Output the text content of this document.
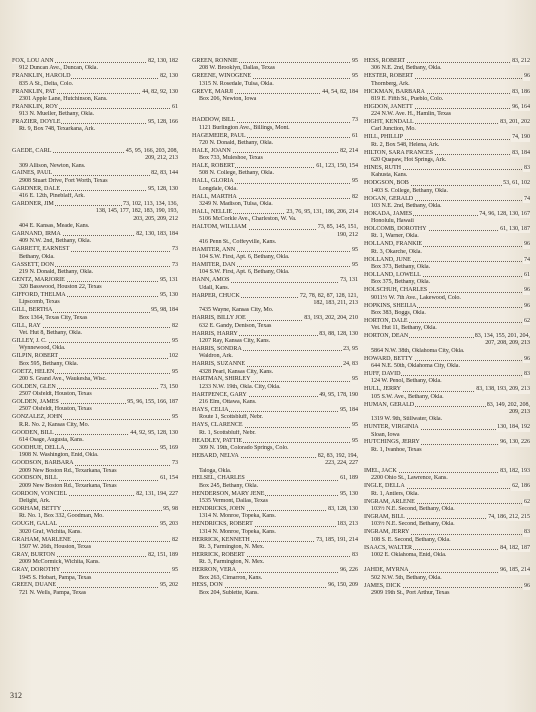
FOX, LOU ANN	82, 130, 182
912 Duncan Ave., Duncan, Okla.
FRANKLIN, HAROLD	82, 130
835 A St., Delta, Colo.
FRANKLIN, PAT	44, 82, 92, 130
2301 Apple Lane, Hutchinson, Kans.
FRANKLIN, ROY	61
913 N. Mueller, Bethany, Okla.
FRAZIER, DOYLE	95, 128, 166
Rt. 9, Box 748, Texarkana, Ark.
GAEDE, CARL	45, 95, 166, 203, 208,
209, 212, 213
309 Allison, Newton, Kans.
GAINES, PAUL	82, 83, 144
2908 Stuart Drive, Fort Worth, Texas
GARDNER, DALE	95, 128, 130
416 E. 12th, Pineblaff, Ark.
GARDNER, JIM	73, 102, 113, 134, 136,
138, 145, 177, 182, 183, 190, 193,
203, 205, 209, 212
404 E. Kansas, Meade, Kans.
GARNAND, IRMA	82, 130, 183, 184
409 N.W. 2nd, Bethany, Okla.
GARRETT, EARNEST	73
Bethany, Okla.
GASSETT, DON	73
219 N. Donald, Bethany, Okla.
GENTZ, MARJORIE	95, 131
320 Basswood, Houston 22, Texas
GIFFORD, THELMA	95, 130
Lipscomb, Texas
GILL, BERTHA	95, 98, 184
Box 1364, Texas City, Texas
GILL, RAY	82
Vet. Hut 8, Bethany, Okla.
GILLEY, J. C.	95
Wynnewood, Okla.
GILPIN, ROBERT	102
Box 595, Bethany, Okla.
GOETZ, HELEN	95
200 S. Grand Ave., Waukesha, Wisc.
GOLDEN, GLEN	73, 150
2507 Olsfeldt, Houston, Texas
GOLDEN, JAMES	95, 96, 155, 166, 187
2507 Olsfeldt, Houston, Texas
GONZALEZ, JOHN	95
R.R. No. 2, Kansas City, Mo.
GOODEN, BILL	44, 92, 95, 128, 130
614 Osage, Augusta, Kans.
GOODHUE, DELLA	95, 169
1908 N. Washington, Enid, Okla.
GOODSON, BARBARA	73
2009 New Boston Rd., Texarkana, Texas
GOODSON, BILL	61, 154
2009 New Boston Rd., Texarkana, Texas
GORDON, VONCIEL	82, 131, 194, 227
Delight, Ark.
GORHAM, BETTY	95, 98
Rt. No. 1, Box 332, Goodman, Mo.
GOUGH, GALAL	95, 203
3020 Graf, Wichita, Kans.
GRAHAM, MARLENE	82
1507 W. 26th, Houston, Texas
GRAY, BURTON	82, 151, 189
2009 McCormick, Wichita, Kans.
GRAY, DOROTHY	95
1945 S. Hobart, Pampa, Texas
GREEN, DUANE	95, 202
721 N. Wells, Pampa, Texas
GREEN, RONNIE	95
208 W. Brooklyn, Dallas, Texas
GREENE, WINOGENE	95
1315 N. Rosedale, Tulsa, Okla.
GREVE, MARJI	44, 54, 82, 184
Box 206, Newton, Iowa
HADDOW, BILL	73
1121 Burlington Ave., Billings, Mont.
HAGEMEIER, PAUL	61
720 N. Donald, Bethany, Okla.
HALE, JOANN	82, 214
Box 733, Muleshoe, Texas
HALE, ROBERT	61, 123, 150, 154
508 N. College, Bethany, Okla.
HALL, GLORIA	95
Longdale, Okla.
HALL, MARTHA	82
3249 N. Madison, Tulsa, Okla.
HALL, NELLIE	23, 76, 95, 131, 186, 206, 214
5106 McCorkle Ave., Charleston, W. Va.
HALTOM, WILLIAM	73, 85, 145, 151,
190, 212
416 Penn St., Coffeyville, Kans.
HAMITER, ANN	95
104 S.W. First, Apt. 6, Bethany, Okla.
HAMITER, DAN	95
104 S.W. First, Apt. 6, Bethany, Okla.
HANN, AMOS	73, 131
Udall, Kans.
HARPER, CHUCK	72, 78, 82, 87, 128, 121,
182, 183, 211, 213
7435 Wayne, Kansas City, Mo.
HARRIS, BILLY JOE	83, 193, 202, 204, 210
632 E. Gandy, Denison, Texas
HARRIS, HARRY	83, 88, 128, 130
1207 Ray, Kansas City, Kans.
HARRIS, SONDRA	23, 95
Waldron, Ark.
HARRIS, SUZANNE	24, 83
4328 Pearl, Kansas City, Kans.
HARTMAN, SHIRLEY	95
1233 N.W. 19th, Okla. City, Okla.
HARTPENCE, GARY	49, 95, 178, 190
216 Elm, Ottawa, Kans.
HAYS, CELIA	95, 184
Route 1, Scottsbluff, Nebr.
HAYS, CLARENCE	95
Rt. 1, Scottsbluff, Nebr.
HEADLEY, PATTIE	95
309 N. 19th, Colorado Springs, Colo.
HEBARD, NELVA	82, 83, 192, 194,
223, 224, 227
Taloga, Okla.
HELSEL, CHARLES	61, 189
Box 245, Bethany, Okla.
HENDERSON, MARY JENE	95, 130
1535 Vermont, Dallas, Texas
HENDRICKS, JOHN	83, 128, 130
1314 N. Monroe, Topeka, Kans.
HENDRICKS, ROBERT	183, 213
1314 N. Monroe, Topeka, Kans.
HERRICK, KENNETH	73, 185, 191, 214
Rt. 3, Farmington, N. Mex.
HERRICK, ROBERT	83
Rt. 3, Farmington, N. Mex.
HERRON, VERA	96, 226
Box 263, Cimarron, Kans.
HESS, DON	96, 150, 209
Box 204, Sublette, Kans.
HESS, ROBERT	83, 212
306 N.E. 2nd, Bethany, Okla.
HESTER, ROBERT	96
Thornberg, Ark.
HICKMAN, BARBARA	83, 186
819 E. Fifth St., Pueblo, Colo.
HIGDON, JANETT	96, 164
224 N.W. Ave. H., Hamlin, Texas
HIGHT, KENDALL	83, 201, 202
Carl Junction, Mo.
HILL, PHILLIP	74, 190
Rt. 2, Box 548, Helena, Ark.
HILTON, SARA FRANCES	83, 184
620 Quapaw, Hot Springs, Ark.
HINES, RUTH	83
Kahusta, Kans.
HODGSON, BOB	53, 61, 102
1403 S. College, Bethany, Okla.
HOGAN, GERALD	74
103 N.E. 2nd, Bethany, Okla.
HOKADA, JAMES	74, 96, 128, 130, 167
Honolulu, Hawaii
HOLCOMB, DOROTHY	61, 130, 187
Rt. 1, Warner, Okla.
HOLLAND, FRANKIE	96
Rt. 3, Okarche, Okla.
HOLLAND, JUNE	74
Box 373, Bethany, Okla.
HOLLAND, LOWELL	61
Box 375, Bethany, Okla.
HOLSCHUH, CHARLES	96
9011½ W. 7th Ave., Lakewood, Colo.
HOPKINS, SHEILIA	96
Box 383, Boggs, Okla.
HORTON, DALE	62
Vet. Hut 11, Bethany, Okla.
HORTON, DEAN	83, 134, 155, 201, 204,
207, 208, 209, 213
5864 N.W. 38th, Oklahoma City, Okla.
HOWARD, BETTY	96
644 N.E. 50th, Oklahoma City, Okla.
HUFF, DAVID	83
124 W. Penol, Bethany, Okla.
HULL, JERRY	83, 138, 193, 209, 213
105 S.W. Ave., Bethany, Okla.
HUMAN, GERALD	83, 149, 202, 208,
209, 213
1319 W. 9th, Stillwater, Okla.
HUNTER, VIRGINIA	130, 184, 192
Sloan, Iowa
HUTCHINGS, JERRY	96, 130, 226
Rt. 1, Ivanhoe, Texas
IMEL, JACK	83, 182, 193
2200 Ohio St., Lawrence, Kans.
INGLE, DELLA	62, 186
Rt. 1, Antlers, Okla.
INGRAM, ARLENE	62
103½ N.E. Second, Bethany, Okla.
INGRAM, BILL	74, 186, 212, 215
103½ N.E. Second, Bethany, Okla.
INGRAM, JERRY	83
108 S. E. Second, Bethany, Okla.
ISAACS, WALTER	84, 182, 187
1002 E. Oklahoma, Enid, Okla.
JAHDE, MYRNA	96, 185, 214
502 N.W. 5th, Bethany, Okla.
JAMES, DICK	96
2909 19th St., Port Arthur, Texas
312
